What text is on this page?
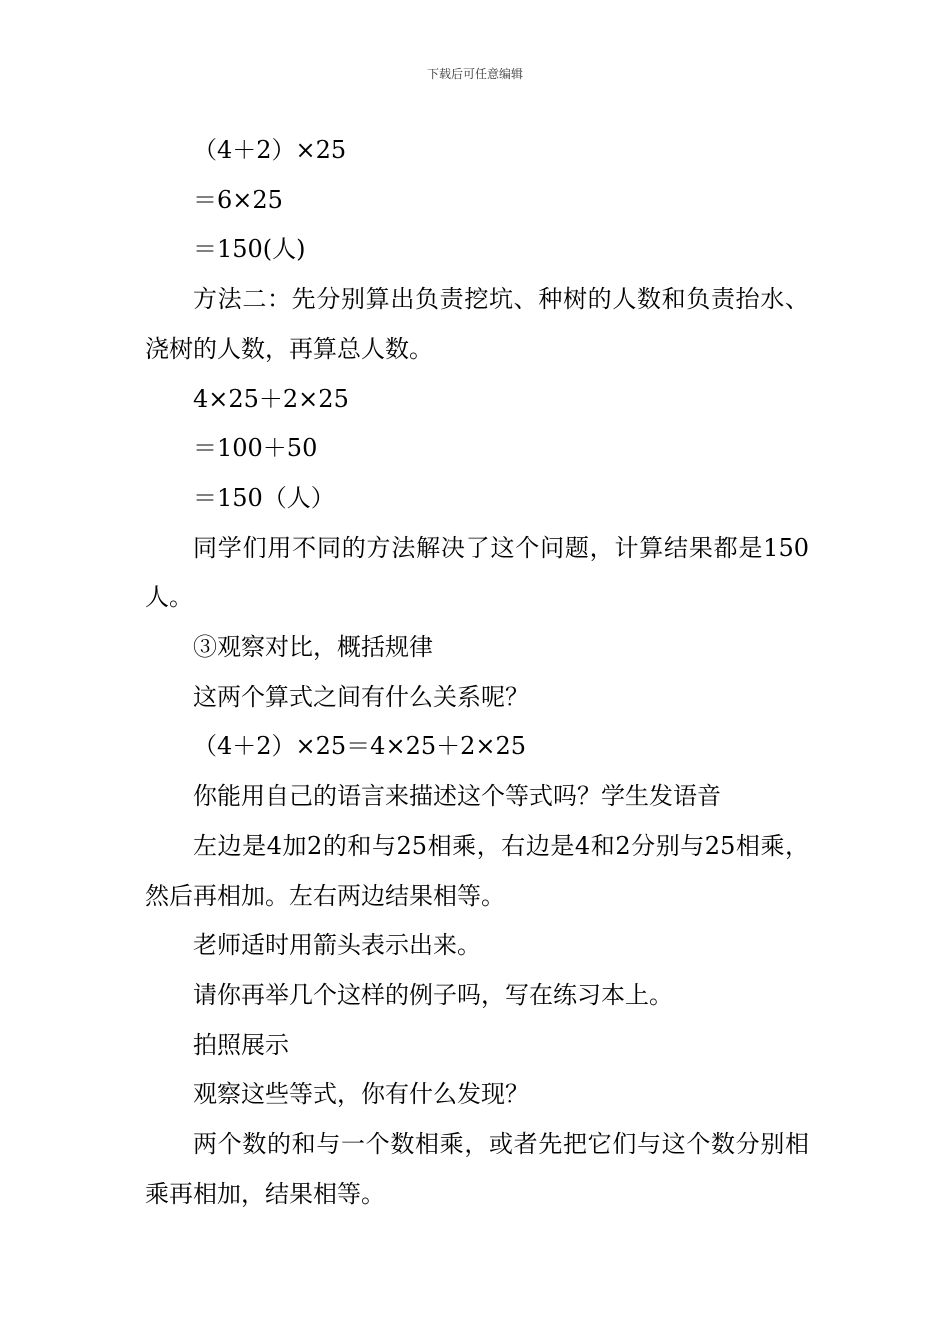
下载后可任意编辑

（4＋2）×25

＝6×25

＝150(人)

方法二：先分别算出负责挖坑、种树的人数和负责抬水、浇树的人数，再算总人数。

4×25＋2×25

＝100＋50

＝150（人）

同学们用不同的方法解决了这个问题，计算结果都是150人。

③观察对比，概括规律

这两个算式之间有什么关系呢？

（4＋2）×25＝4×25＋2×25

你能用自己的语言来描述这个等式吗？学生发语音

左边是4加2的和与25相乘，右边是4和2分别与25相乘，然后再相加。左右两边结果相等。

老师适时用箭头表示出来。

请你再举几个这样的例子吗，写在练习本上。

拍照展示

观察这些等式，你有什么发现？

两个数的和与一个数相乘，或者先把它们与这个数分别相乘再相加，结果相等。
